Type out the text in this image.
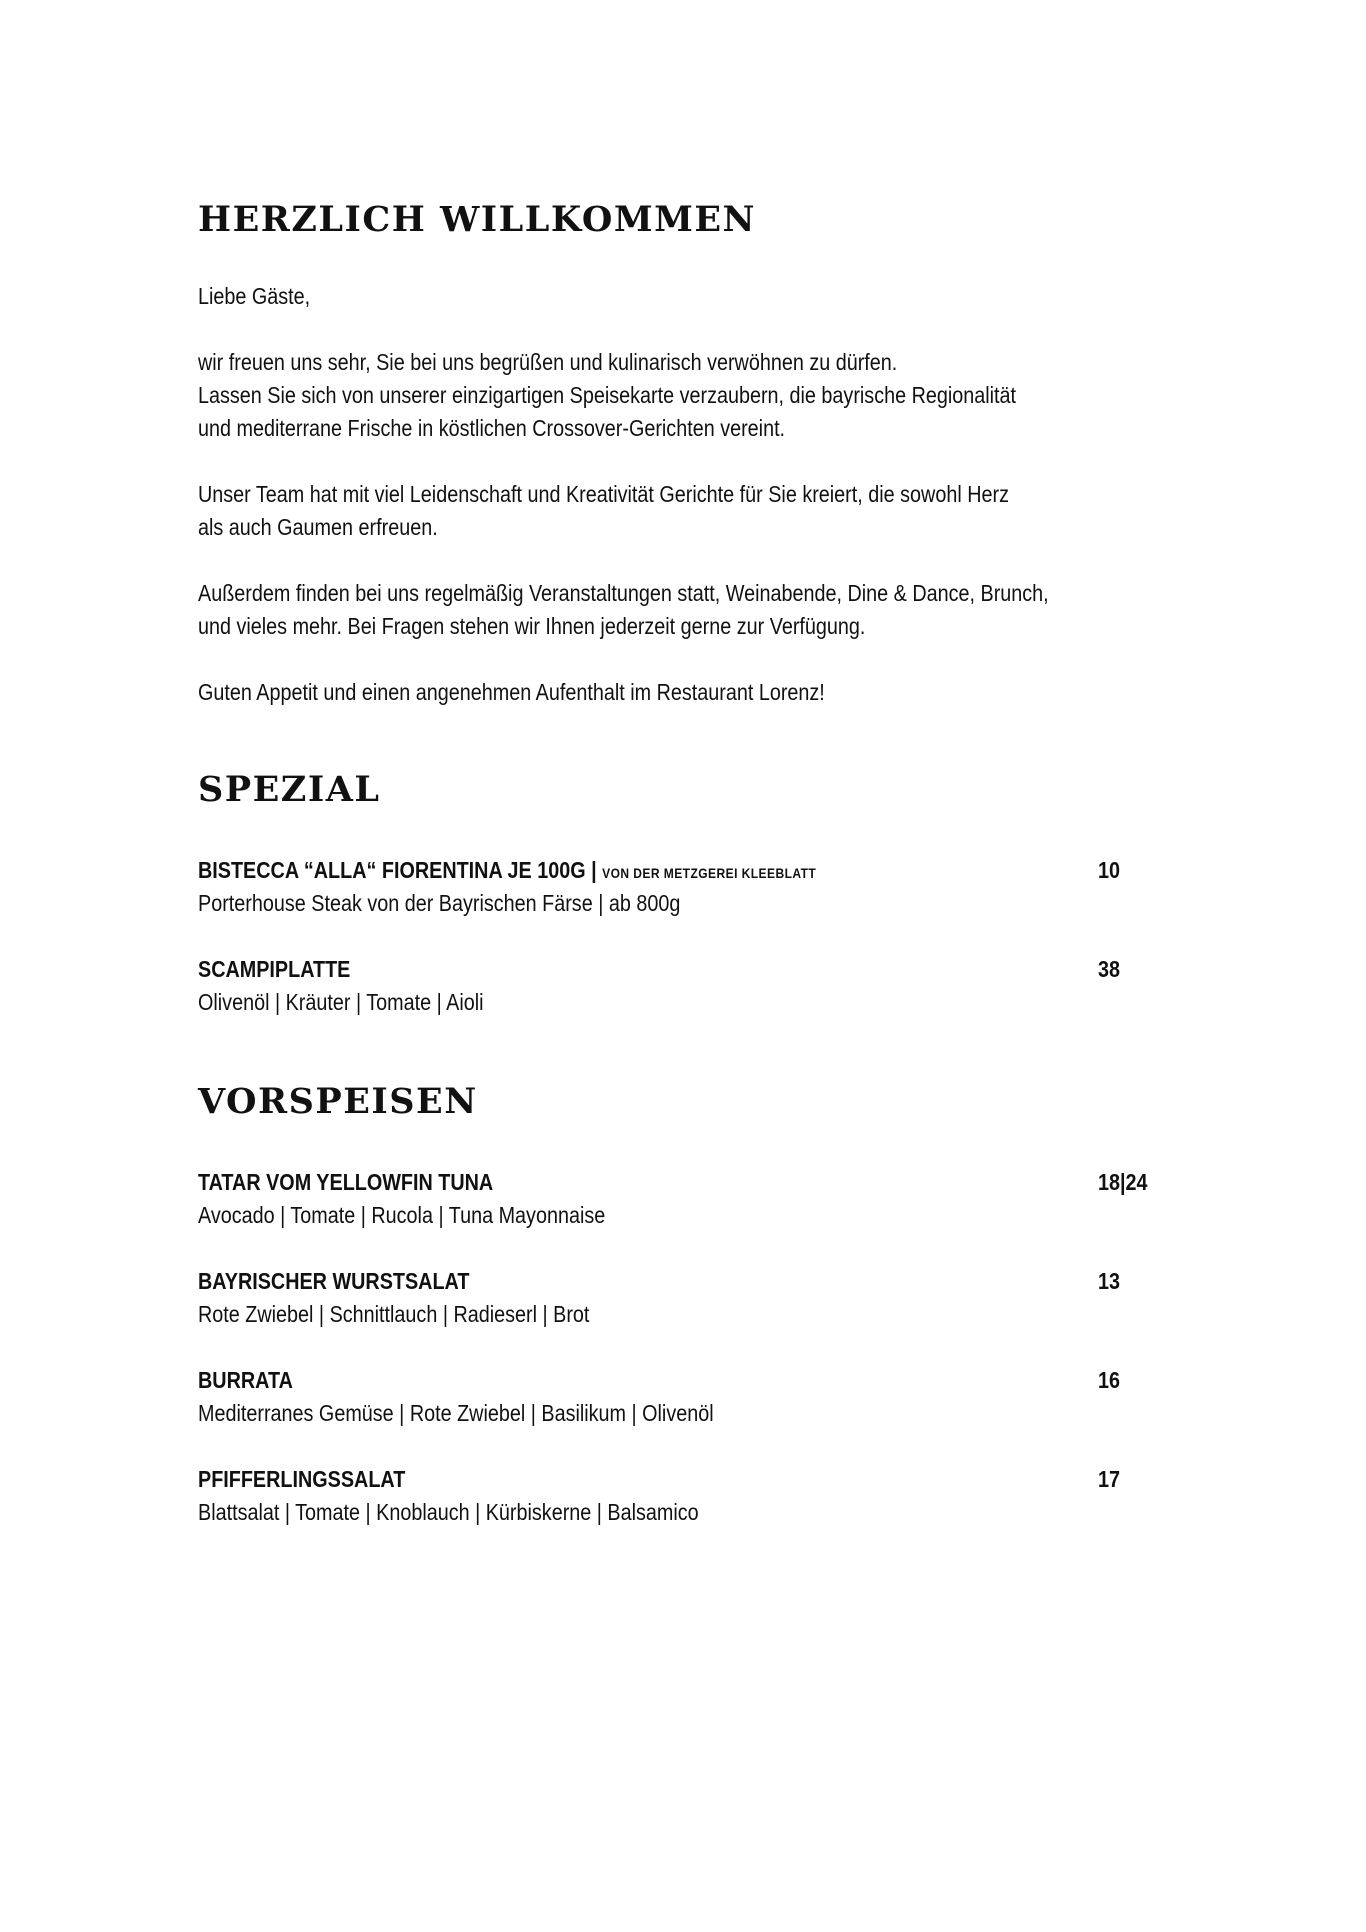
HERZLICH WILLKOMMEN
Liebe Gäste,

wir freuen uns sehr, Sie bei uns begrüßen und kulinarisch verwöhnen zu dürfen.

Lassen Sie sich von unserer einzigartigen Speisekarte verzaubern, die bayrische Regionalität

und mediterrane Frische in köstlichen Crossover-Gerichten vereint.

Unser Team hat mit viel Leidenschaft und Kreativität Gerichte für Sie kreiert, die sowohl Herz

als auch Gaumen erfreuen.

Außerdem finden bei uns regelmäßig Veranstaltungen statt, Weinabende, Dine & Dance, Brunch,

und vieles mehr. Bei Fragen stehen wir Ihnen jederzeit gerne zur Verfügung.

Guten Appetit und einen angenehmen Aufenthalt im Restaurant Lorenz!

SPEZIAL
BISTECCA “ALLA“ FIORENTINA JE 100G | VON DER METZGEREI KLEEBLATT	10
Porterhouse Steak von der Bayrischen Färse | ab 800g
SCAMPIPLATTE	38
Olivenöl | Kräuter | Tomate | Aioli
VORSPEISEN
TATAR VOM YELLOWFIN TUNA	18|24
Avocado | Tomate | Rucola | Tuna Mayonnaise
BAYRISCHER WURSTSALAT	13
Rote Zwiebel | Schnittlauch | Radieserl | Brot
BURRATA	16
Mediterranes Gemüse | Rote Zwiebel | Basilikum | Olivenöl
PFIFFERLINGSSALAT	17
Blattsalat | Tomate | Knoblauch | Kürbiskerne | Balsamico
